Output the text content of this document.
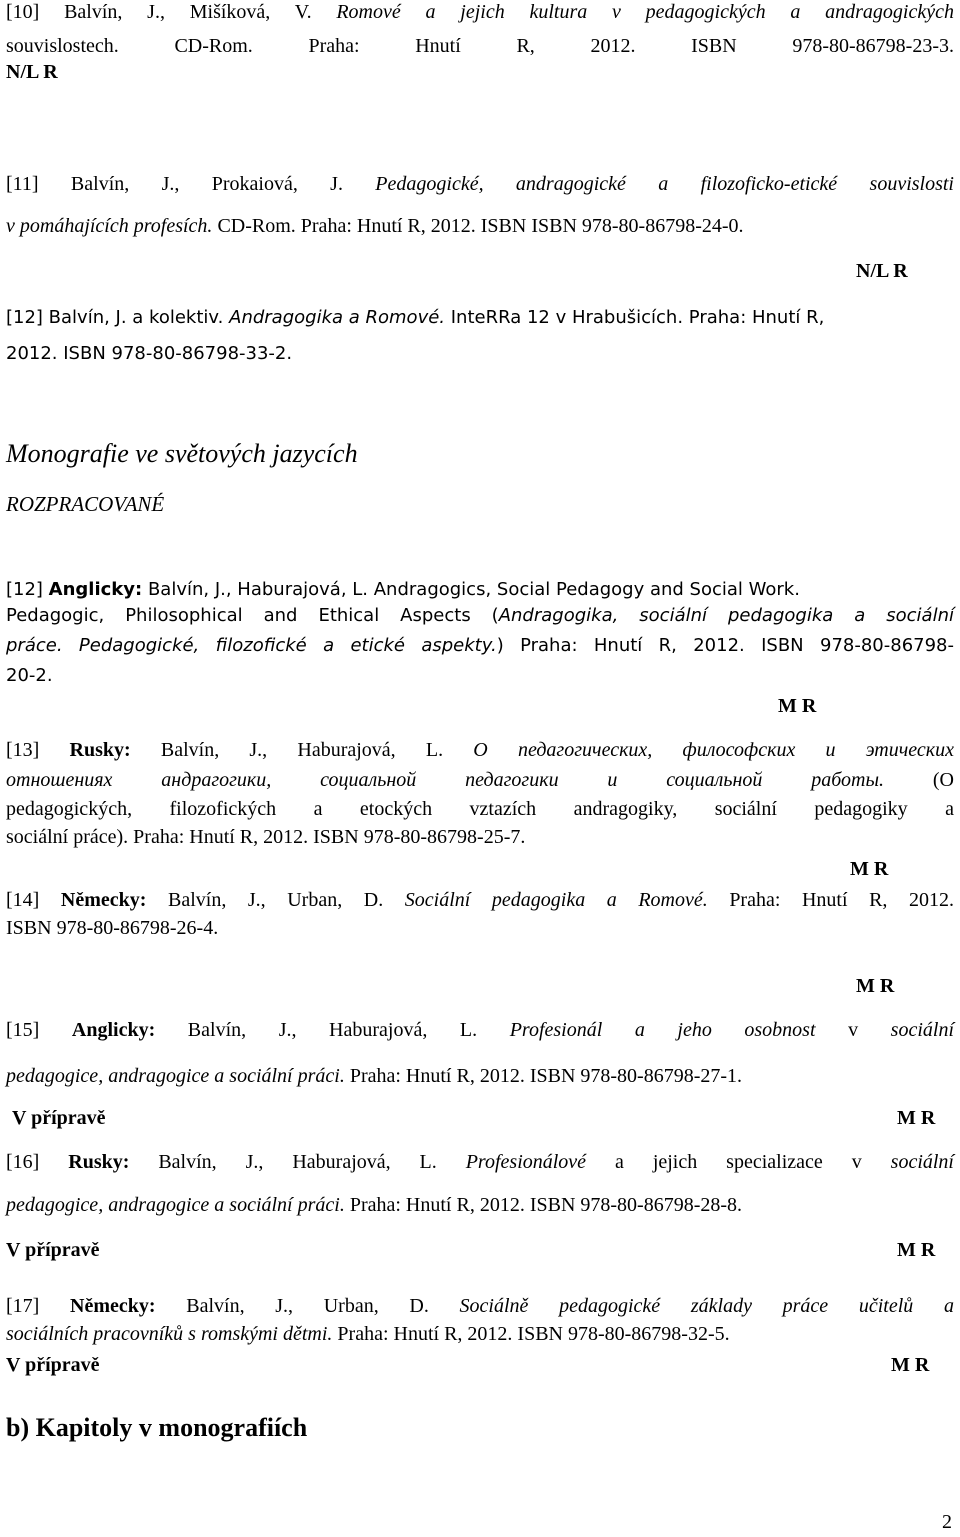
[10] Balvín, J., Mišíková, V. Romové a jejich kultura v pedagogických a andragogických
souvislostech. CD-Rom. Praha: Hnutí R, 2012. ISBN 978-80-86798-23-3.
N/L R
[11] Balvín, J., Prokaiová, J. Pedagogické, andragogické a filozoficko-etické souvislosti
v pomáhajících profesích. CD-Rom. Praha: Hnutí R, 2012. ISBN ISBN 978-80-86798-24-0.
N/L R
[12] Balvín, J. a kolektiv. Andragogika a Romové. InteRRa 12 v Hrabušicích. Praha: Hnutí R,
2012. ISBN 978-80-86798-33-2.
Monografie ve světových jazycích
ROZPRACOVANÉ
[12] Anglicky: Balvín, J., Haburajová, L. Andragogics, Social Pedagogy and Social Work.
Pedagogic, Philosophical and Ethical Aspects (Andragogika, sociální pedagogika a sociální
práce. Pedagogické, filozofické a etické aspekty.) Praha: Hnutí R, 2012. ISBN 978-80-86798-
20-2.
M R
[13] Rusky: Balvín, J., Haburajová, L. О педагогических, философских и этических
отношениях андрагогики, социальной педагогики и социальной работы. (O
pedagogických, filozofických a etockých vztazích andragogiky, sociální pedagogiky a
sociální práce). Praha: Hnutí R, 2012. ISBN 978-80-86798-25-7.
M R
[14] Německy: Balvín, J., Urban, D. Sociální pedagogika a Romové. Praha: Hnutí R, 2012.
ISBN 978-80-86798-26-4.
M R
[15] Anglicky: Balvín, J., Haburajová, L. Profesionál a jeho osobnost v sociální
pedagogice, andragogice a sociální práci. Praha: Hnutí R, 2012. ISBN 978-80-86798-27-1.
V přípravě	M R
[16] Rusky: Balvín, J., Haburajová, L. Profesionálové a jejich specializace v sociální
pedagogice, andragogice a sociální práci. Praha: Hnutí R, 2012. ISBN 978-80-86798-28-8.
V přípravě	M R
[17] Německy: Balvín, J., Urban, D. Sociálně pedagogické základy práce učitelů a
sociálních pracovníků s romskými dětmi. Praha: Hnutí R, 2012. ISBN 978-80-86798-32-5.
V přípravě	M R
b) Kapitoly v monografiích
2
